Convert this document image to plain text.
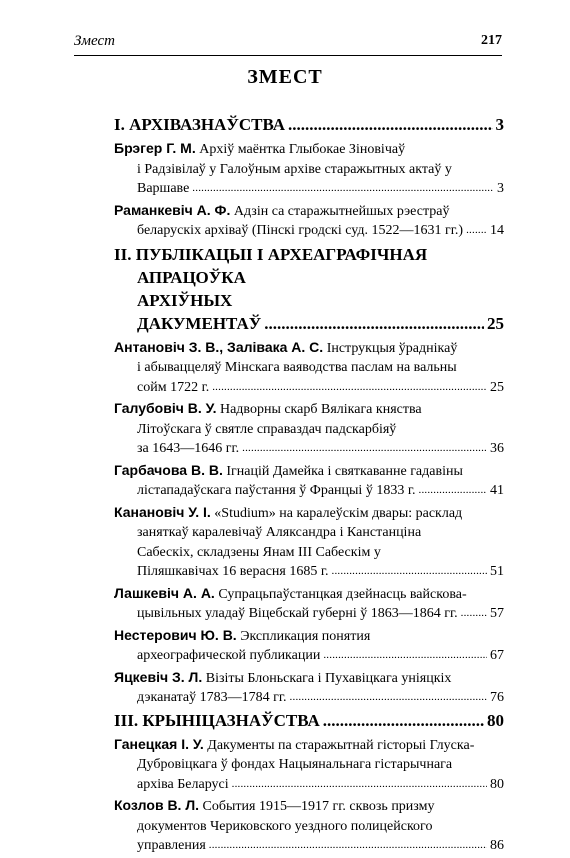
Змест	217
ЗМЕСТ
I. АРХІВАЗНАЎСТВА .....	3
Брэгер Г. М. Архіў маёнтка Глыбокае Зіновічаў
і Радзівілаў у Галоўным архіве старажытных актаў у
Варшаве .....	3
Раманкевіч А. Ф. Адзін са старажытнейшых рэестраў
беларускіх архіваў (Пінскі гродскі суд. 1522—1631 гг.) ..... 14
II. ПУБЛІКАЦЫІ І АРХЕАГРАФІЧНАЯ
АПРАЦОЎКА АРХІЎНЫХ ДАКУМЕНТАЎ .....	25
Антановіч З. В., Залівака А. С. Інструкцыя ўраднікаў
і абываццеляў Мінскага ваяводства паслам на вальны
сойм 1722 г. .....	25
Галубовіч В. У. Надворны скарб Вялікага княства
Літоўскага ў святле справаздач падскарбіяў
за 1643—1646 гг. .....	36
Гарбачова В. В. Ігнацій Дамейка і святкаванне гадавіны
лістападаўскага паўстання ў Францыі ў 1833 г. .....	41
Канановіч У. І. «Studium» на каралеўскім двары: расклад
заняткаў каралевічаў Аляксандра і Канстанціна
Сабескіх, складзены Янам III Сабескім у
Піляшкавічах 16 верасня 1685 г. .....	51
Лашкевіч А. А. Супрацьпаўстанцкая дзейнасць вайскова-
цывільных уладаў Віцебскай губерні ў 1863—1864 гг. ..... 57
Нестерович Ю. В. Экспликация понятия
археографической публикации .....	67
Яцкевіч З. Л. Візіты Блоньскага і Пухавіцкага уніяцкіх
дэканатаў 1783—1784 гг. .....	76
III. КРЫНІЦАЗНАЎСТВА .....	80
Ганецкая І. У. Дакументы па старажытнай гісторыі Глуска-
Дубровіцкага ў фондах Нацыянальнага гістарычнага
архіва Беларусі .....	80
Козлов В. Л. События 1915—1917 гг. сквозь призму
документов Чериковского уездного полицейского
управления .....	86
